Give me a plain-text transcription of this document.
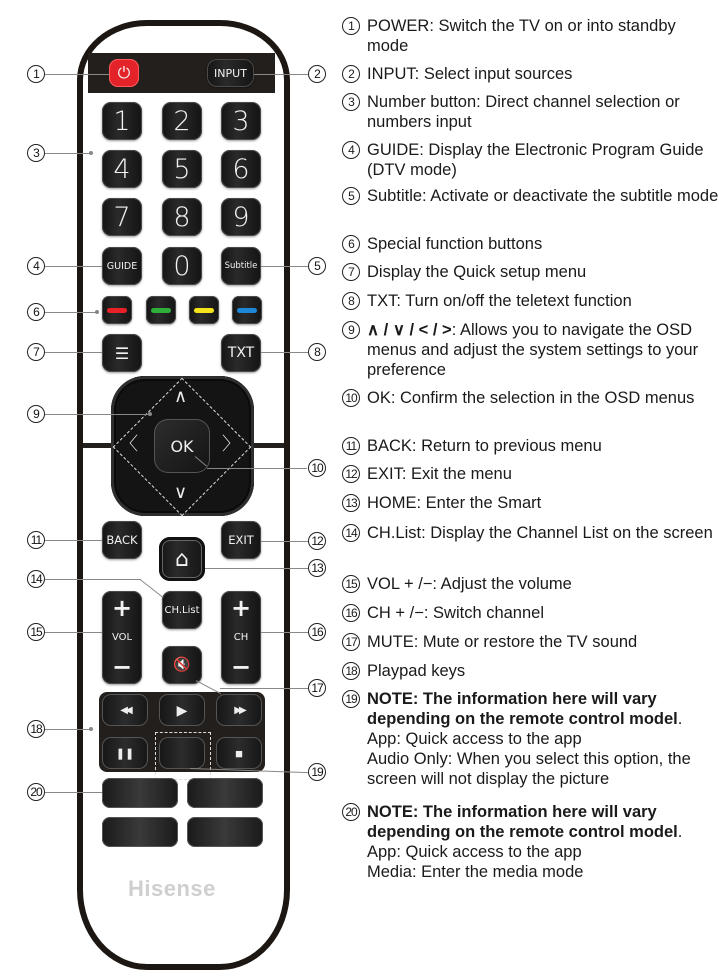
⏻	INPUT
1 2 3
4 5 6
7 8 9
GUIDE 0	Subtitle
☰	TXT
∧
∨
〈	〉
OK
BACK	EXIT
⌂
CH.List
+
VOL
−
+
CH
−
🔇
◀◀	▶	▶▶
❚❚	■
Hisense
1	2
3
4	5
6
7	8
9
10
11	12
13
14
15	16
17
18
19
20
1 POWER: Switch the TV on or into standby mode
2 INPUT: Select input sources
3 Number button: Direct channel selection or numbers input
4 GUIDE: Display the Electronic Program Guide (DTV mode)
5 Subtitle: Activate or deactivate the subtitle mode
6 Special function buttons
7 Display the Quick setup menu
8 TXT: Turn on/off the teletext function
9 ∧ / ∨ / < / >: Allows you to navigate the OSD menus and adjust the system settings to your preference
10 OK: Confirm the selection in the OSD menus
11 BACK: Return to previous menu
12 EXIT: Exit the menu
13 HOME: Enter the Smart
14 CH.List: Display the Channel List on the screen
15 VOL + /−: Adjust the volume
16 CH + /−: Switch channel
17 MUTE: Mute or restore the TV sound
18 Playpad keys
19 NOTE: The information here will vary depending on the remote control model.
App: Quick access to the app
Audio Only: When you select this option, the screen will not display the picture
20 NOTE: The information here will vary depending on the remote control model.
App: Quick access to the app
Media: Enter the media mode
